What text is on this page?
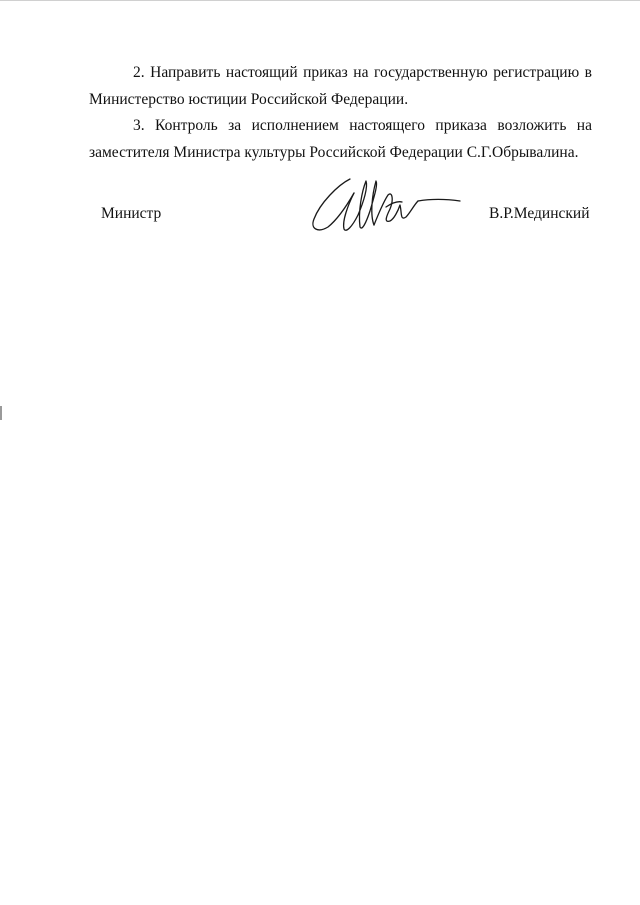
2. Направить настоящий приказ на государственную регистрацию в
Министерство юстиции Российской Федерации.

3. Контроль за исполнением настоящего приказа возложить на
заместителя Министра культуры Российской Федерации С.Г.Обрывалина.

Министр	В.Р.Мединский
